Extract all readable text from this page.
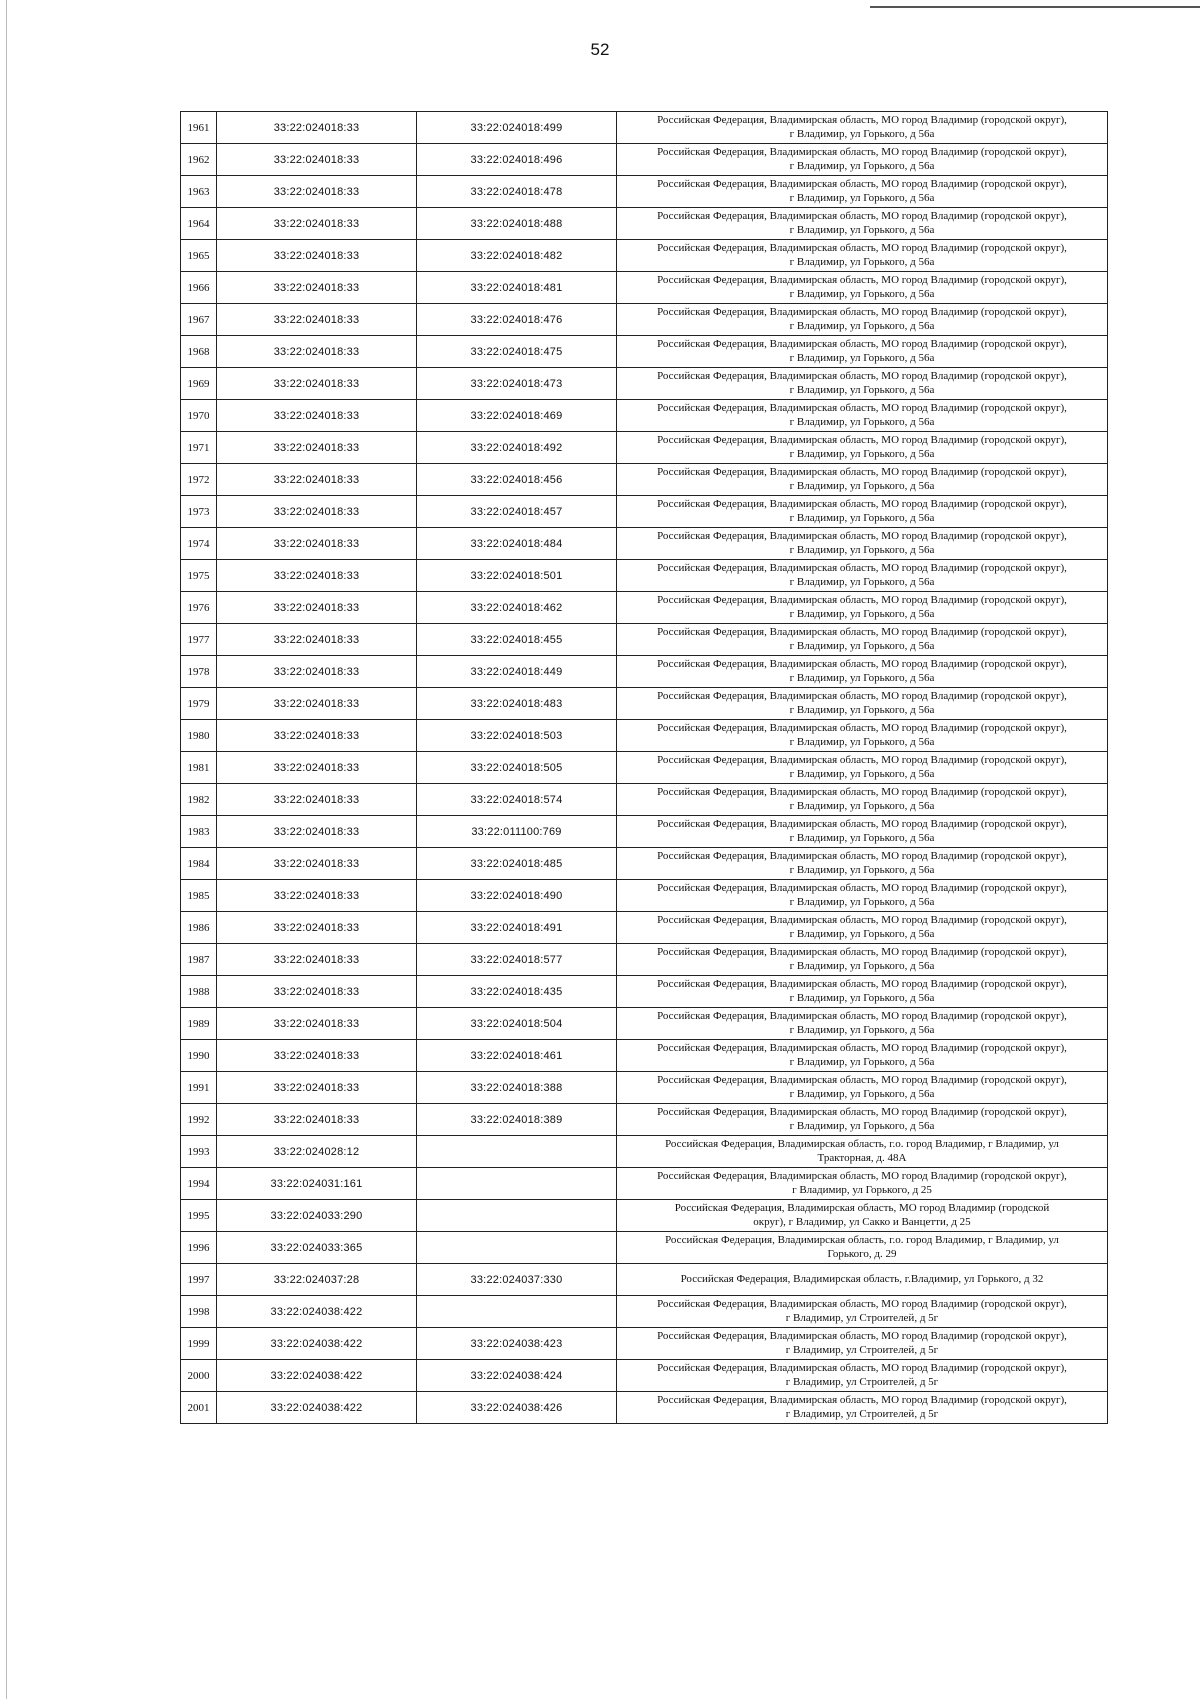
52
1961	33:22:024018:33	33:22:024018:499	Российская Федерация, Владимирская область, МО город Владимир (городской округ),
г Владимир, ул Горького, д 56а

1962	33:22:024018:33	33:22:024018:496	Российская Федерация, Владимирская область, МО город Владимир (городской округ),
г Владимир, ул Горького, д 56а

1963	33:22:024018:33	33:22:024018:478	Российская Федерация, Владимирская область, МО город Владимир (городской округ),
г Владимир, ул Горького, д 56а

1964	33:22:024018:33	33:22:024018:488	Российская Федерация, Владимирская область, МО город Владимир (городской округ),
г Владимир, ул Горького, д 56а

1965	33:22:024018:33	33:22:024018:482	Российская Федерация, Владимирская область, МО город Владимир (городской округ),
г Владимир, ул Горького, д 56а

1966	33:22:024018:33	33:22:024018:481	Российская Федерация, Владимирская область, МО город Владимир (городской округ),
г Владимир, ул Горького, д 56а

1967	33:22:024018:33	33:22:024018:476	Российская Федерация, Владимирская область, МО город Владимир (городской округ),
г Владимир, ул Горького, д 56а

1968	33:22:024018:33	33:22:024018:475	Российская Федерация, Владимирская область, МО город Владимир (городской округ),
г Владимир, ул Горького, д 56а

1969	33:22:024018:33	33:22:024018:473	Российская Федерация, Владимирская область, МО город Владимир (городской округ),
г Владимир, ул Горького, д 56а

1970	33:22:024018:33	33:22:024018:469	Российская Федерация, Владимирская область, МО город Владимир (городской округ),
г Владимир, ул Горького, д 56а

1971	33:22:024018:33	33:22:024018:492	Российская Федерация, Владимирская область, МО город Владимир (городской округ),
г Владимир, ул Горького, д 56а

1972	33:22:024018:33	33:22:024018:456	Российская Федерация, Владимирская область, МО город Владимир (городской округ),
г Владимир, ул Горького, д 56а

1973	33:22:024018:33	33:22:024018:457	Российская Федерация, Владимирская область, МО город Владимир (городской округ),
г Владимир, ул Горького, д 56а

1974	33:22:024018:33	33:22:024018:484	Российская Федерация, Владимирская область, МО город Владимир (городской округ),
г Владимир, ул Горького, д 56а

1975	33:22:024018:33	33:22:024018:501	Российская Федерация, Владимирская область, МО город Владимир (городской округ),
г Владимир, ул Горького, д 56а

1976	33:22:024018:33	33:22:024018:462	Российская Федерация, Владимирская область, МО город Владимир (городской округ),
г Владимир, ул Горького, д 56а

1977	33:22:024018:33	33:22:024018:455	Российская Федерация, Владимирская область, МО город Владимир (городской округ),
г Владимир, ул Горького, д 56а

1978	33:22:024018:33	33:22:024018:449	Российская Федерация, Владимирская область, МО город Владимир (городской округ),
г Владимир, ул Горького, д 56а

1979	33:22:024018:33	33:22:024018:483	Российская Федерация, Владимирская область, МО город Владимир (городской округ),
г Владимир, ул Горького, д 56а

1980	33:22:024018:33	33:22:024018:503	Российская Федерация, Владимирская область, МО город Владимир (городской округ),
г Владимир, ул Горького, д 56а

1981	33:22:024018:33	33:22:024018:505	Российская Федерация, Владимирская область, МО город Владимир (городской округ),
г Владимир, ул Горького, д 56а

1982	33:22:024018:33	33:22:024018:574	Российская Федерация, Владимирская область, МО город Владимир (городской округ),
г Владимир, ул Горького, д 56а

1983	33:22:024018:33	33:22:011100:769	Российская Федерация, Владимирская область, МО город Владимир (городской округ),
г Владимир, ул Горького, д 56а

1984	33:22:024018:33	33:22:024018:485	Российская Федерация, Владимирская область, МО город Владимир (городской округ),
г Владимир, ул Горького, д 56а

1985	33:22:024018:33	33:22:024018:490	Российская Федерация, Владимирская область, МО город Владимир (городской округ),
г Владимир, ул Горького, д 56а

1986	33:22:024018:33	33:22:024018:491	Российская Федерация, Владимирская область, МО город Владимир (городской округ),
г Владимир, ул Горького, д 56а

1987	33:22:024018:33	33:22:024018:577	Российская Федерация, Владимирская область, МО город Владимир (городской округ),
г Владимир, ул Горького, д 56а

1988	33:22:024018:33	33:22:024018:435	Российская Федерация, Владимирская область, МО город Владимир (городской округ),
г Владимир, ул Горького, д 56а

1989	33:22:024018:33	33:22:024018:504	Российская Федерация, Владимирская область, МО город Владимир (городской округ),
г Владимир, ул Горького, д 56а

1990	33:22:024018:33	33:22:024018:461	Российская Федерация, Владимирская область, МО город Владимир (городской округ),
г Владимир, ул Горького, д 56а

1991	33:22:024018:33	33:22:024018:388	Российская Федерация, Владимирская область, МО город Владимир (городской округ),
г Владимир, ул Горького, д 56а

1992	33:22:024018:33	33:22:024018:389	Российская Федерация, Владимирская область, МО город Владимир (городской округ),
г Владимир, ул Горького, д 56а

1993	33:22:024028:12		Российская Федерация, Владимирская область, г.о. город Владимир, г Владимир, ул
Тракторная, д. 48А

1994	33:22:024031:161		Российская Федерация, Владимирская область, МО город Владимир (городской округ),
г Владимир, ул Горького, д 25

1995	33:22:024033:290		Российская Федерация, Владимирская область, МО город Владимир (городской
округ), г Владимир, ул Сакко и Ванцетти, д 25

1996	33:22:024033:365		Российская Федерация, Владимирская область, г.о. город Владимир, г Владимир, ул
Горького, д. 29

1997	33:22:024037:28	33:22:024037:330	Российская Федерация, Владимирская область, г.Владимир, ул Горького, д 32

1998	33:22:024038:422		Российская Федерация, Владимирская область, МО город Владимир (городской округ),
г Владимир, ул Строителей, д 5г

1999	33:22:024038:422	33:22:024038:423	Российская Федерация, Владимирская область, МО город Владимир (городской округ),
г Владимир, ул Строителей, д 5г

2000	33:22:024038:422	33:22:024038:424	Российская Федерация, Владимирская область, МО город Владимир (городской округ),
г Владимир, ул Строителей, д 5г

2001	33:22:024038:422	33:22:024038:426	Российская Федерация, Владимирская область, МО город Владимир (городской округ),
г Владимир, ул Строителей, д 5г
